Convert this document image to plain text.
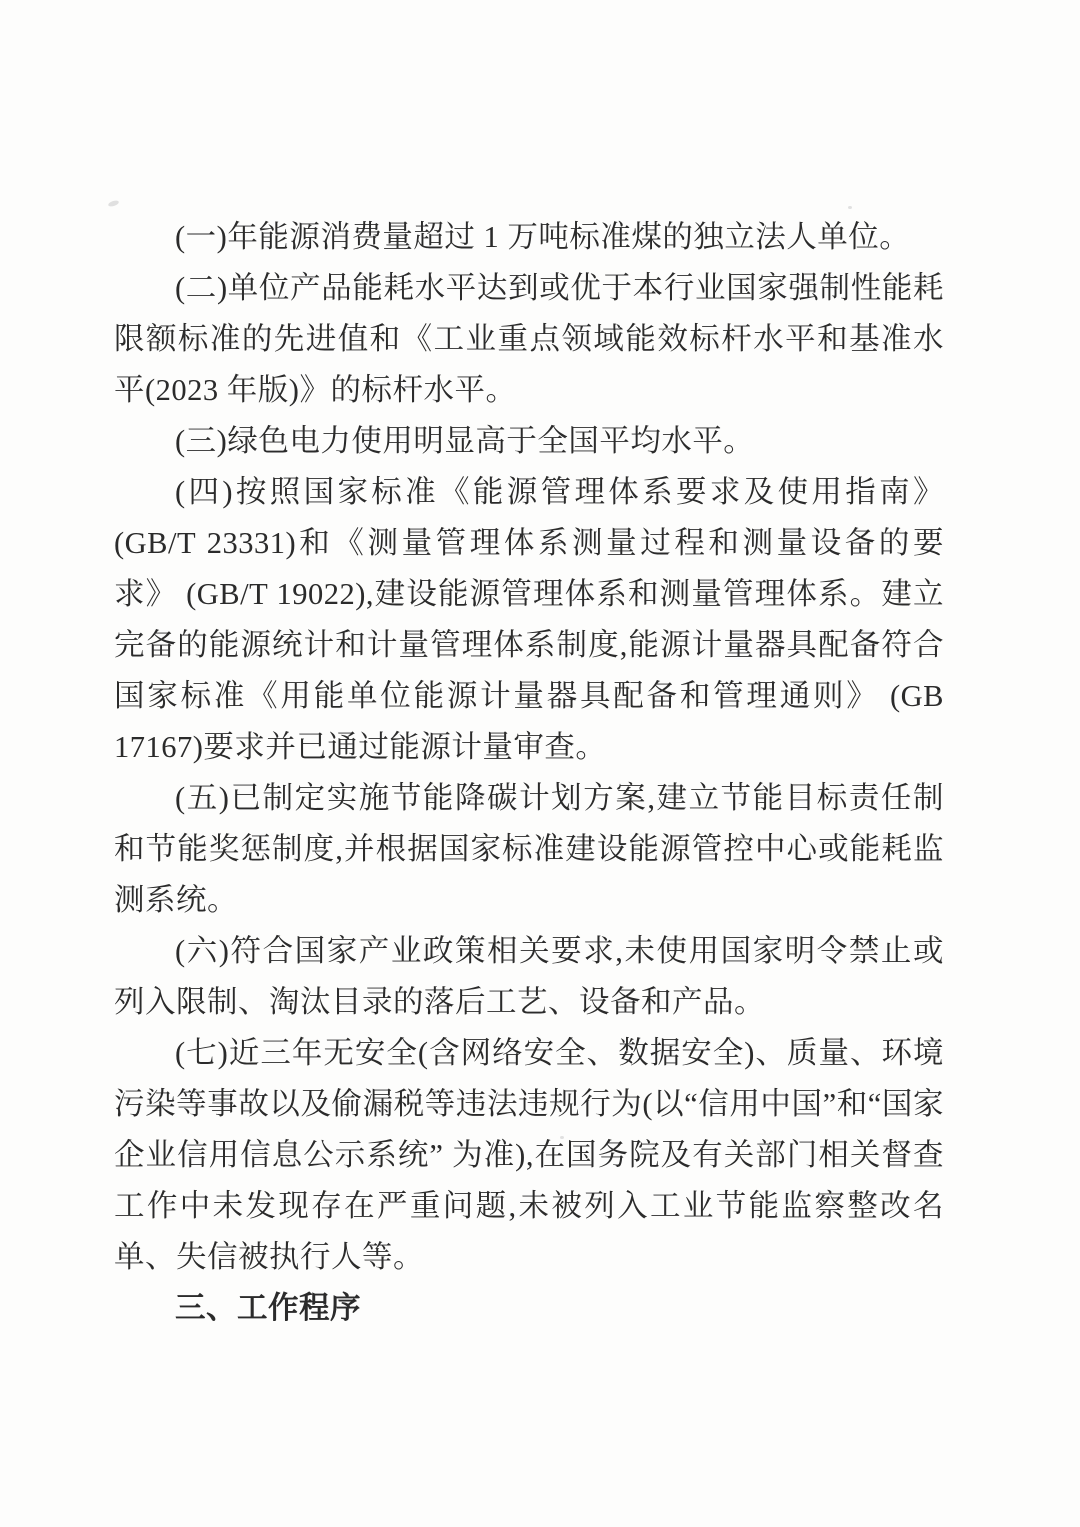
(一)年能源消费量超过 1 万吨标准煤的独立法人单位。

(二)单位产品能耗水平达到或优于本行业国家强制性能耗限额标准的先进值和《工业重点领域能效标杆水平和基准水平(2023 年版)》的标杆水平。

(三)绿色电力使用明显高于全国平均水平。

(四)按照国家标准《能源管理体系要求及使用指南》(GB/T 23331)和《测量管理体系测量过程和测量设备的要求》 (GB/T 19022),建设能源管理体系和测量管理体系。建立完备的能源统计和计量管理体系制度,能源计量器具配备符合国家标准《用能单位能源计量器具配备和管理通则》 (GB 17167)要求并已通过能源计量审查。

(五)已制定实施节能降碳计划方案,建立节能目标责任制和节能奖惩制度,并根据国家标准建设能源管控中心或能耗监测系统。

(六)符合国家产业政策相关要求,未使用国家明令禁止或列入限制、淘汰目录的落后工艺、设备和产品。

(七)近三年无安全(含网络安全、数据安全)、质量、环境污染等事故以及偷漏税等违法违规行为(以“信用中国”和“国家企业信用信息公示系统” 为准),在国务院及有关部门相关督查工作中未发现存在严重问题,未被列入工业节能监察整改名单、失信被执行人等。

三、工作程序
